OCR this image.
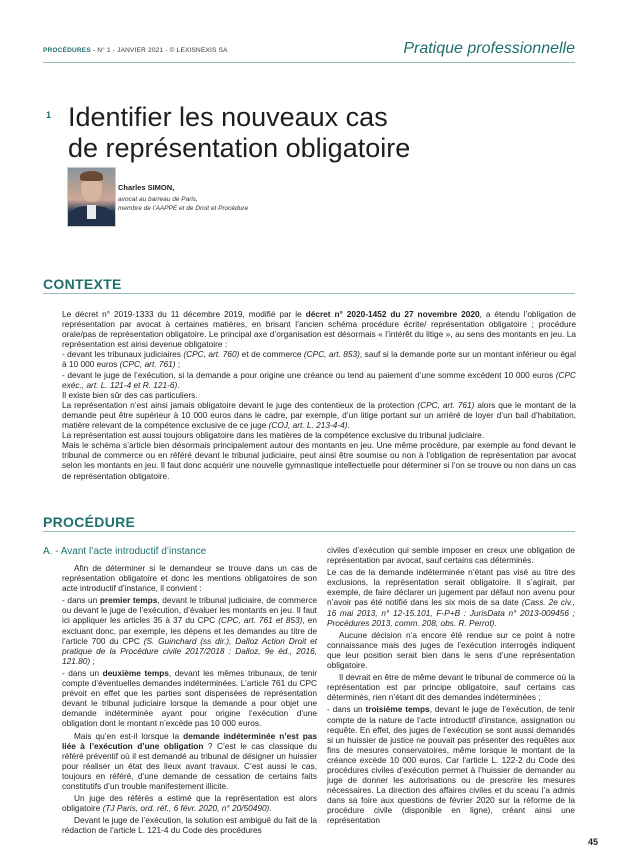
PROCÉDURES - N° 1 - JANVIER 2021 - © LEXISNEXIS SA	Pratique professionnelle
1 Identifier les nouveaux cas
de représentation obligatoire
Charles SIMON,
avocat au barreau de Paris,
membre de l’AAPPE et de Droit et Procédure
CONTEXTE

Le décret n° 2019-1333 du 11 décembre 2019, modifié par le décret n° 2020-1452 du 27 novembre 2020, a étendu l’obligation de représentation par avocat à certaines matières, en brisant l’ancien schéma procédure écrite/ représentation obligatoire ; procédure orale/pas de représentation obligatoire. Le principal axe d’organisation est désormais « l’intérêt du litige », au sens des montants en jeu. La représentation est ainsi devenue obligatoire :

- devant les tribunaux judiciaires (CPC, art. 760) et de commerce (CPC, art. 853), sauf si la demande porte sur un montant inférieur ou égal à 10 000 euros (CPC, art. 761) ;

- devant le juge de l’exécution, si la demande a pour origine une créance ou tend au paiement d’une somme excédent 10 000 euros (CPC exéc., art. L. 121-4 et R. 121-6).

Il existe bien sûr des cas particuliers.

La représentation n’est ainsi jamais obligatoire devant le juge des contentieux de la protection (CPC, art. 761) alors que le montant de la demande peut être supérieur à 10 000 euros dans le cadre, par exemple, d’un litige portant sur un arriéré de loyer d’un bail d’habitation, matière relevant de la compétence exclusive de ce juge (COJ, art. L. 213-4-4).

La représentation est aussi toujours obligatoire dans les matières de la compétence exclusive du tribunal judiciaire.

Mais le schéma s’article bien désormais principalement autour des montants en jeu. Une même procédure, par exemple au fond devant le tribunal de commerce ou en référé devant le tribunal judiciaire, peut ainsi être soumise ou non à l’obligation de représentation par avocat selon les montants en jeu. Il faut donc acquérir une nouvelle gymnastique intellectuelle pour déterminer si l’on se trouve ou non dans un cas de représentation obligatoire.

PROCÉDURE
A. - Avant l’acte introductif d’instance

Afin de déterminer si le demandeur se trouve dans un cas de représentation obligatoire et donc les mentions obligatoires de son acte introductif d’instance, il convient :

- dans un premier temps, devant le tribunal judiciaire, de commerce ou devant le juge de l’exécution, d’évaluer les montants en jeu. Il faut ici appliquer les articles 35 à 37 du CPC (CPC, art. 761 et 853), en excluant donc, par exemple, les dépens et les demandes au titre de l’article 700 du CPC (S. Guinchard (ss dir.), Dalloz Action Droit et pratique de la Procédure civile 2017/2018 : Dalloz, 9e éd., 2016, 121.80) ;

- dans un deuxième temps, devant les mêmes tribunaux, de tenir compte d’éventuelles demandes indéterminées. L’article 761 du CPC prévoit en effet que les parties sont dispensées de représentation devant le tribunal judiciaire lorsque la demande a pour objet une demande indéterminée ayant pour origine l’exécution d’une obligation dont le montant n’excède pas 10 000 euros.

Mais qu’en est-il lorsque la demande indéterminée n’est pas liée à l’exécution d’une obligation ? C’est le cas classique du référé préventif où il est demandé au tribunal de désigner un huissier pour réaliser un état des lieux avant travaux. C’est aussi le cas, toujours en référé, d’une demande de cessation de certains faits constitutifs d’un trouble manifestement illicite.

Un juge des référés a estimé que la représentation est alors obligatoire (TJ Paris, ord. réf., 6 févr. 2020, n° 20/50490).

Devant le juge de l’exécution, la solution est ambiguë du fait de la rédaction de l’article L. 121-4 du Code des procédures

civiles d’exécution qui semble imposer en creux une obligation de représentation par avocat, sauf certains cas déterminés.

Le cas de la demande indéterminée n’étant pas visé au titre des exclusions, la représentation serait obligatoire. Il s’agirait, par exemple, de faire déclarer un jugement par défaut non avenu pour n’avoir pas été notifié dans les six mois de sa date (Cass. 2e civ., 16 mai 2013, n° 12-15.101, F-P+B : JurisData n° 2013-009456 ; Procédures 2013, comm. 208, obs. R. Perrot).

Aucune décision n’a encore été rendue sur ce point à notre connaissance mais des juges de l’exécution interrogés indiquent que leur position serait bien dans le sens d’une représentation obligatoire.

Il devrait en être de même devant le tribunal de commerce où la représentation est par principe obligatoire, sauf certains cas déterminés, rien n’étant dit des demandes indéterminées ;

- dans un troisième temps, devant le juge de l’exécution, de tenir compte de la nature de l’acte introductif d’instance, assignation ou requête. En effet, des juges de l’exécution se sont aussi demandés si un huissier de justice ne pouvait pas présenter des requêtes aux fins de mesures conservatoires, même lorsque le montant de la créance excède 10 000 euros. Car l’article L. 122-2 du Code des procédures civiles d’exécution permet à l’huissier de demander au juge de donner les autorisations ou de prescrire les mesures nécessaires. La direction des affaires civiles et du sceau l’a admis dans sa foire aux questions de février 2020 sur la réforme de la procédure civile (disponible en ligne), créant ainsi une représentation

45
